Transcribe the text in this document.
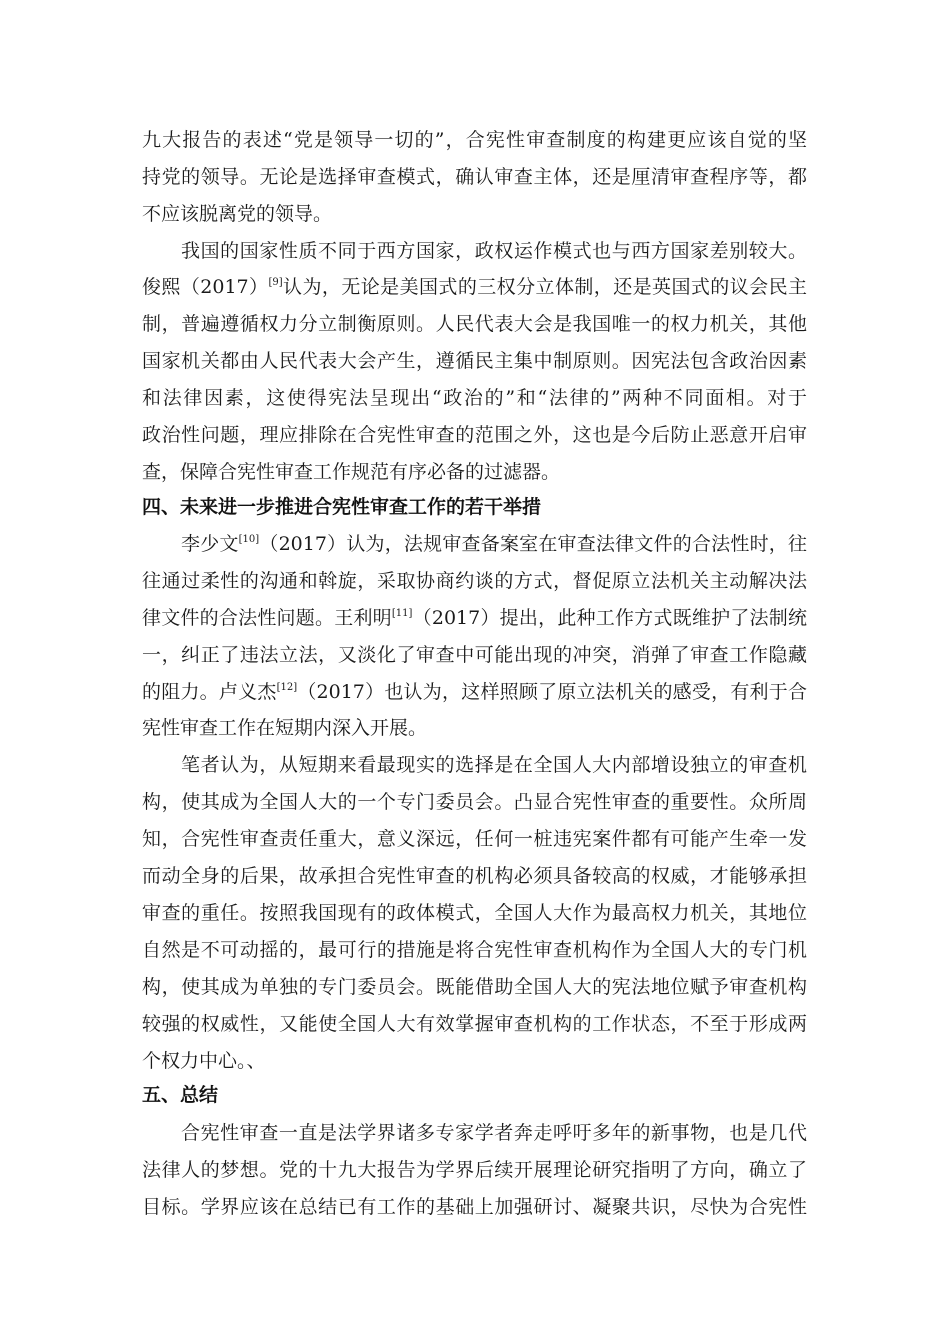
九大报告的表述“党是领导一切的”，合宪性审查制度的构建更应该自觉的坚
持党的领导。无论是选择审查模式，确认审查主体，还是厘清审查程序等，都
不应该脱离党的领导。
我国的国家性质不同于西方国家，政权运作模式也与西方国家差别较大。
俊熙（2017）[9]认为，无论是美国式的三权分立体制，还是英国式的议会民主
制，普遍遵循权力分立制衡原则。人民代表大会是我国唯一的权力机关，其他
国家机关都由人民代表大会产生，遵循民主集中制原则。因宪法包含政治因素
和法律因素，这使得宪法呈现出“政治的”和“法律的”两种不同面相。对于
政治性问题，理应排除在合宪性审查的范围之外，这也是今后防止恶意开启审
查，保障合宪性审查工作规范有序必备的过滤器。
四、未来进一步推进合宪性审查工作的若干举措
李少文[10]（2017）认为，法规审查备案室在审查法律文件的合法性时，往
往通过柔性的沟通和斡旋，采取协商约谈的方式，督促原立法机关主动解决法
律文件的合法性问题。王利明[11]（2017）提出，此种工作方式既维护了法制统
一，纠正了违法立法，又淡化了审查中可能出现的冲突，消弹了审查工作隐藏
的阻力。卢义杰[12]（2017）也认为，这样照顾了原立法机关的感受，有利于合
宪性审查工作在短期内深入开展。
笔者认为，从短期来看最现实的选择是在全国人大内部增设独立的审查机
构，使其成为全国人大的一个专门委员会。凸显合宪性审查的重要性。众所周
知，合宪性审查责任重大，意义深远，任何一桩违宪案件都有可能产生牵一发
而动全身的后果，故承担合宪性审查的机构必须具备较高的权威，才能够承担
审查的重任。按照我国现有的政体模式，全国人大作为最高权力机关，其地位
自然是不可动摇的，最可行的措施是将合宪性审查机构作为全国人大的专门机
构，使其成为单独的专门委员会。既能借助全国人大的宪法地位赋予审查机构
较强的权威性，又能使全国人大有效掌握审查机构的工作状态，不至于形成两
个权力中心。、
五、总结
合宪性审查一直是法学界诸多专家学者奔走呼吁多年的新事物，也是几代
法律人的梦想。党的十九大报告为学界后续开展理论研究指明了方向，确立了
目标。学界应该在总结已有工作的基础上加强研讨、凝聚共识，尽快为合宪性
